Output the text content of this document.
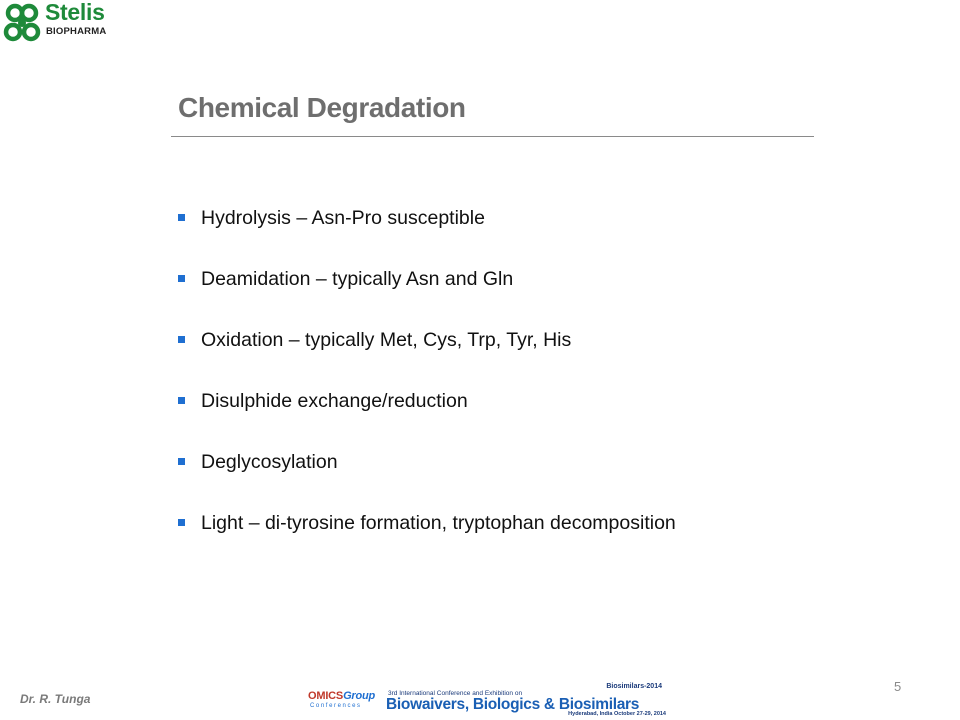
Stelis
BIOPHARMA
Chemical Degradation
Hydrolysis – Asn-Pro susceptible
Deamidation – typically Asn and Gln
Oxidation – typically Met, Cys, Trp, Tyr, His
Disulphide exchange/reduction
Deglycosylation
Light – di-tyrosine formation, tryptophan decomposition
Dr. R. Tunga	OMICSGroup
Conferences
Biosimilars-2014
3rd International Conference and Exhibition on
Biowaivers, Biologics & Biosimilars
Hyderabad, India October 27-29, 2014
5
